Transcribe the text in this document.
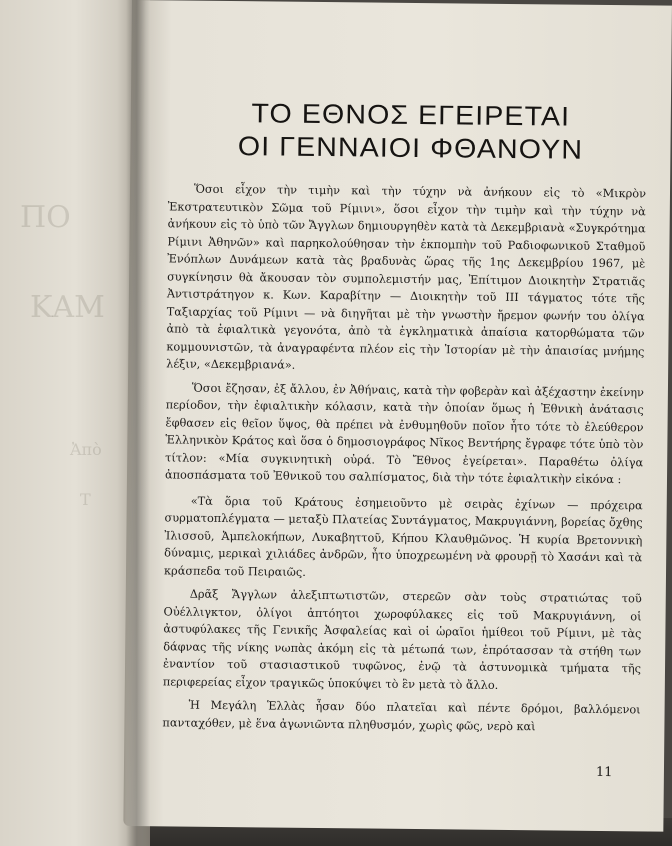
ΠΟ
ΚΑΜ
Ἀπὸ
Τ
ΤΟ ΕΘΝΟΣ ΕΓΕΙΡΕΤΑΙ
ΟΙ ΓΕΝΝΑΙΟΙ ΦΘΑΝΟΥΝ

Ὅσοι εἶχον τὴν τιμὴν καὶ τὴν τύχην νὰ ἀνήκουν εἰς τὸ «Μικρὸν Ἐκστρατευτικὸν Σῶμα τοῦ Ρίμινι», ὅσοι εἶχον τὴν τιμὴν καὶ τὴν τύχην νὰ ἀνήκουν εἰς τὸ ὑπὸ τῶν Ἄγγλων δημιουργηθὲν κατὰ τὰ Δεκεμβριανὰ «Συγκρότημα Ρίμινι Ἀθηνῶν» καὶ παρηκολούθησαν τὴν ἐκπομπὴν τοῦ Ραδιοφωνικοῦ Σταθμοῦ Ἐνόπλων Δυνάμεων κατὰ τὰς βραδυνὰς ὥρας τῆς 1ης Δεκεμβρίου 1967, μὲ συγκίνησιν θὰ ἄκουσαν τὸν συμπολεμιστήν μας, Ἐπίτιμον Διοικητὴν Στρατιᾶς Ἀντιστράτηγον κ. Κων. Καραβίτην — Διοικητὴν τοῦ ΙΙΙ τάγματος τότε τῆς Ταξιαρχίας τοῦ Ρίμινι — νὰ διηγῆται μὲ τὴν γνωστὴν ἤρεμον φωνήν του ὀλίγα ἀπὸ τὰ ἐφιαλτικὰ γεγονότα, ἀπὸ τὰ ἐγκληματικὰ ἀπαίσια κατορθώματα τῶν κομμουνιστῶν, τὰ ἀναγραφέντα πλέον εἰς τὴν Ἱστορίαν μὲ τὴν ἀπαισίας μνήμης λέξιν, «Δεκεμβριανά».

Ὅσοι ἔζησαν, ἐξ ἄλλου, ἐν Ἀθήναις, κατὰ τὴν φοβερὰν καὶ ἀξέχαστην ἐκείνην περίοδον, τὴν ἐφιαλτικὴν κόλασιν, κατὰ τὴν ὁποίαν ὅμως ἡ Ἐθνικὴ ἀνάτασις ἔφθασεν εἰς θεῖον ὕψος, θὰ πρέπει νὰ ἐνθυμηθοῦν ποῖον ἦτο τότε τὸ ἐλεύθερον Ἑλληνικὸν Κράτος καὶ ὅσα ὁ δημοσιογράφος Νῖκος Βεντήρης ἔγραφε τότε ὑπὸ τὸν τίτλον: «Μία συγκινητικὴ οὐρά. Τὸ Ἔθνος ἐγείρεται». Παραθέτω ὀλίγα ἀποσπάσματα τοῦ Ἐθνικοῦ του σαλπίσματος, διὰ τὴν τότε ἐφιαλτικὴν εἰκόνα :

«Τὰ ὅρια τοῦ Κράτους ἐσημειοῦντο μὲ σειρὰς ἐχίνων — πρόχειρα συρματοπλέγματα — μεταξὺ Πλατείας Συντάγματος, Μακρυγιάννη, βορείας ὄχθης Ἰλισσοῦ, Ἀμπελοκήπων, Λυκαβηττοῦ, Κήπου Κλαυθμῶνος. Ἡ κυρία Βρετοννικὴ δύναμις, μερικαὶ χιλιάδες ἀνδρῶν, ἦτο ὑποχρεωμένη νὰ φρουρῇ τὸ Χασάνι καὶ τὰ κράσπεδα τοῦ Πειραιῶς.

Δρᾶξ Ἄγγλων ἀλεξιπτωτιστῶν, στερεῶν σὰν τοὺς στρατιώτας τοῦ Οὐέλλιγκτον, ὀλίγοι ἀπτόητοι χωροφύλακες εἰς τοῦ Μακρυγιάννη, οἱ ἀστυφύλακες τῆς Γενικῆς Ἀσφαλείας καὶ οἱ ὡραῖοι ἡμίθεοι τοῦ Ρίμινι, μὲ τὰς δάφνας τῆς νίκης νωπὰς ἀκόμη εἰς τὰ μέτωπά των, ἐπρότασσαν τὰ στήθη των ἐναντίον τοῦ στασιαστικοῦ τυφῶνος, ἐνῷ τὰ ἀστυνομικὰ τμήματα τῆς περιφερείας εἶχον τραγικῶς ὑποκύψει τὸ ἓν μετὰ τὸ ἄλλο.

Ἡ Μεγάλη Ἑλλὰς ἦσαν δύο πλατεῖαι καὶ πέντε δρόμοι, βαλλόμενοι πανταχόθεν, μὲ ἕνα ἀγωνιῶντα πληθυσμόν, χωρὶς φῶς, νερὸ καὶ

11
